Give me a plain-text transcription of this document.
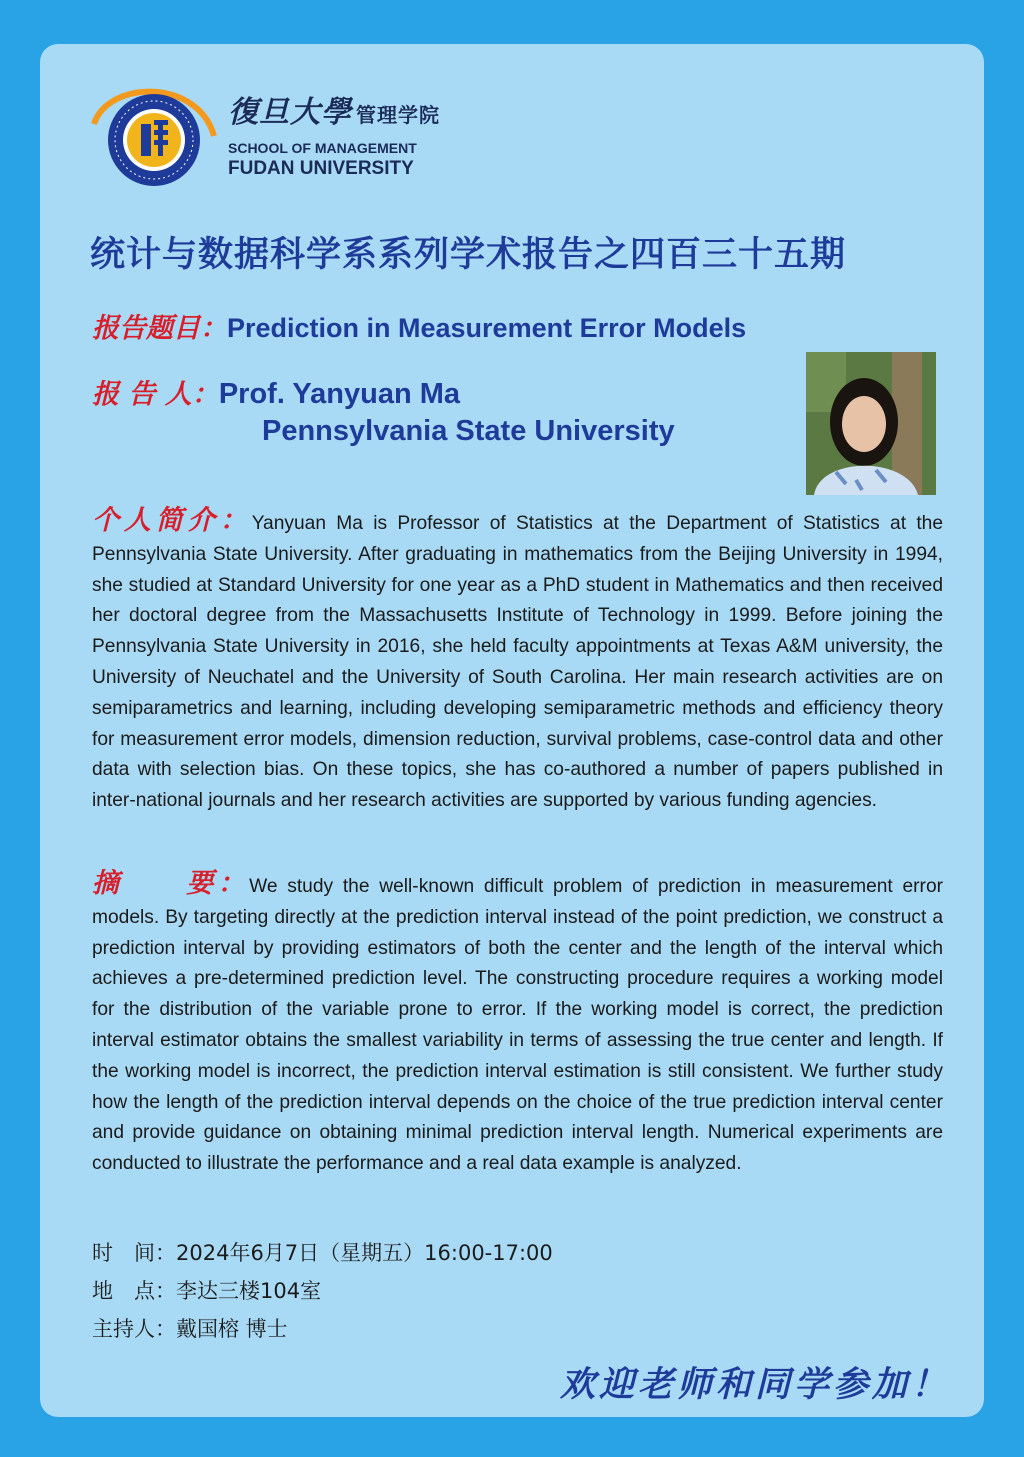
復旦大學 管理学院
SCHOOL OF MANAGEMENT
FUDAN UNIVERSITY
统计与数据科学系系列学术报告之四百三十五期
报告题目：Prediction in Measurement Error Models
报 告 人：Prof. Yanyuan Ma
Pennsylvania State University
个人简介：Yanyuan Ma is Professor of Statistics at the Department of Statistics at the Pennsylvania State University. After graduating in mathematics from the Beijing University in 1994, she studied at Standard University for one year as a PhD student in Mathematics and then received her doctoral degree from the Massachusetts Institute of Technology in 1999. Before joining the Pennsylvania State University in 2016, she held faculty appointments at Texas A&M university, the University of Neuchatel and the University of South Carolina. Her main research activities are on semiparametrics and learning, including developing semiparametric methods and efficiency theory for measurement error models, dimension reduction, survival problems, case-control data and other data with selection bias. On these topics, she has co-authored a number of papers published in inter-national journals and her research activities are supported by various funding agencies.
摘　　要：We study the well-known difficult problem of prediction in measurement error models. By targeting directly at the prediction interval instead of the point prediction, we construct a prediction interval by providing estimators of both the center and the length of the interval which achieves a pre-determined prediction level. The constructing procedure requires a working model for the distribution of the variable prone to error. If the working model is correct, the prediction interval estimator obtains the smallest variability in terms of assessing the true center and length. If the working model is incorrect, the prediction interval estimation is still consistent. We further study how the length of the prediction interval depends on the choice of the true prediction interval center and provide guidance on obtaining minimal prediction interval length. Numerical experiments are conducted to illustrate the performance and a real data example is analyzed.
时　间：2024年6月7日（星期五）16:00-17:00
地　点：李达三楼104室
主持人：戴国榕 博士
欢迎老师和同学参加！
